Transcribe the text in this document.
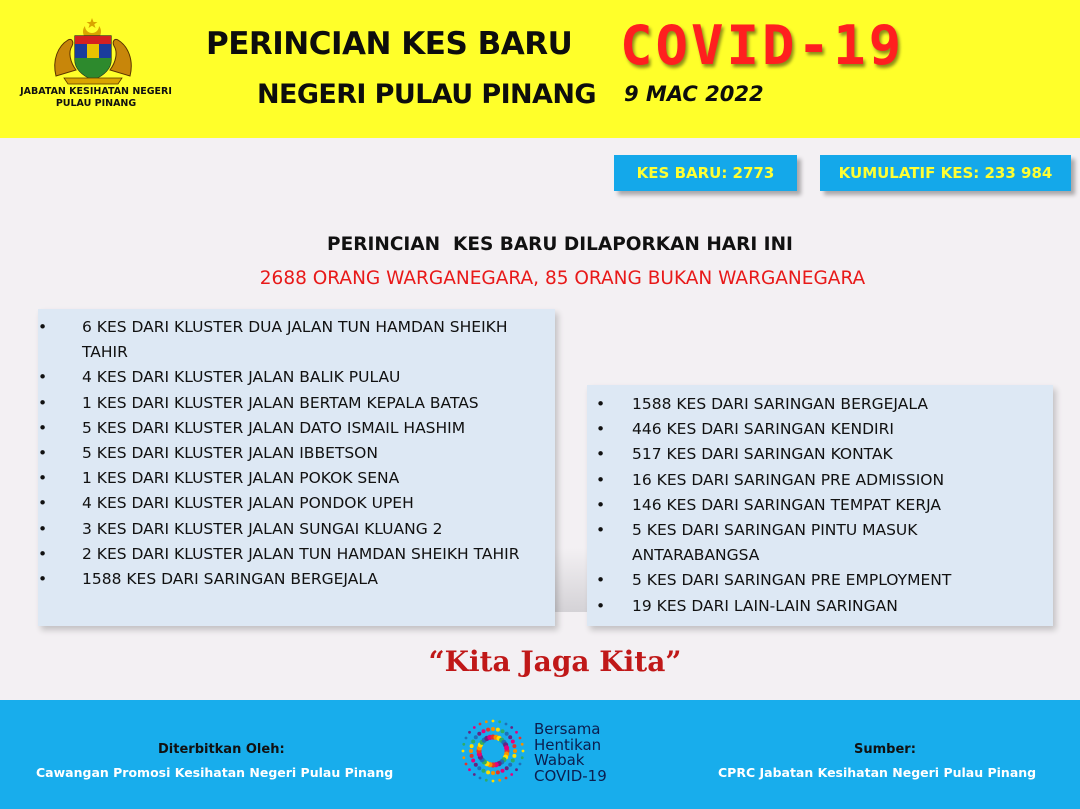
JABATAN KESIHATAN NEGERI
PULAU PINANG
PERINCIAN KES BARU COVID-19
NEGERI PULAU PINANG 9 MAC 2022
KES BARU: 2773	KUMULATIF KES: 233 984
PERINCIAN  KES BARU DILAPORKAN HARI INI
2688 ORANG WARGANEGARA, 85 ORANG BUKAN WARGANEGARA
• 6 KES DARI KLUSTER DUA JALAN TUN HAMDAN SHEIKH TAHIR
• 4 KES DARI KLUSTER JALAN BALIK PULAU
• 1 KES DARI KLUSTER JALAN BERTAM KEPALA BATAS
• 5 KES DARI KLUSTER JALAN DATO ISMAIL HASHIM
• 5 KES DARI KLUSTER JALAN IBBETSON
• 1 KES DARI KLUSTER JALAN POKOK SENA
• 4 KES DARI KLUSTER JALAN PONDOK UPEH
• 3 KES DARI KLUSTER JALAN SUNGAI KLUANG 2
• 2 KES DARI KLUSTER JALAN TUN HAMDAN SHEIKH TAHIR
• 1588 KES DARI SARINGAN BERGEJALA
• 1588 KES DARI SARINGAN BERGEJALA
• 446 KES DARI SARINGAN KENDIRI
• 517 KES DARI SARINGAN KONTAK
• 16 KES DARI SARINGAN PRE ADMISSION
• 146 KES DARI SARINGAN TEMPAT KERJA
• 5 KES DARI SARINGAN PINTU MASUK ANTARABANGSA
• 5 KES DARI SARINGAN PRE EMPLOYMENT
• 19 KES DARI LAIN-LAIN SARINGAN
“Kita Jaga Kita”
Diterbitkan Oleh:
Cawangan Promosi Kesihatan Negeri Pulau Pinang
Bersama
Hentikan
Wabak
COVID-19
Sumber:
CPRC Jabatan Kesihatan Negeri Pulau Pinang
